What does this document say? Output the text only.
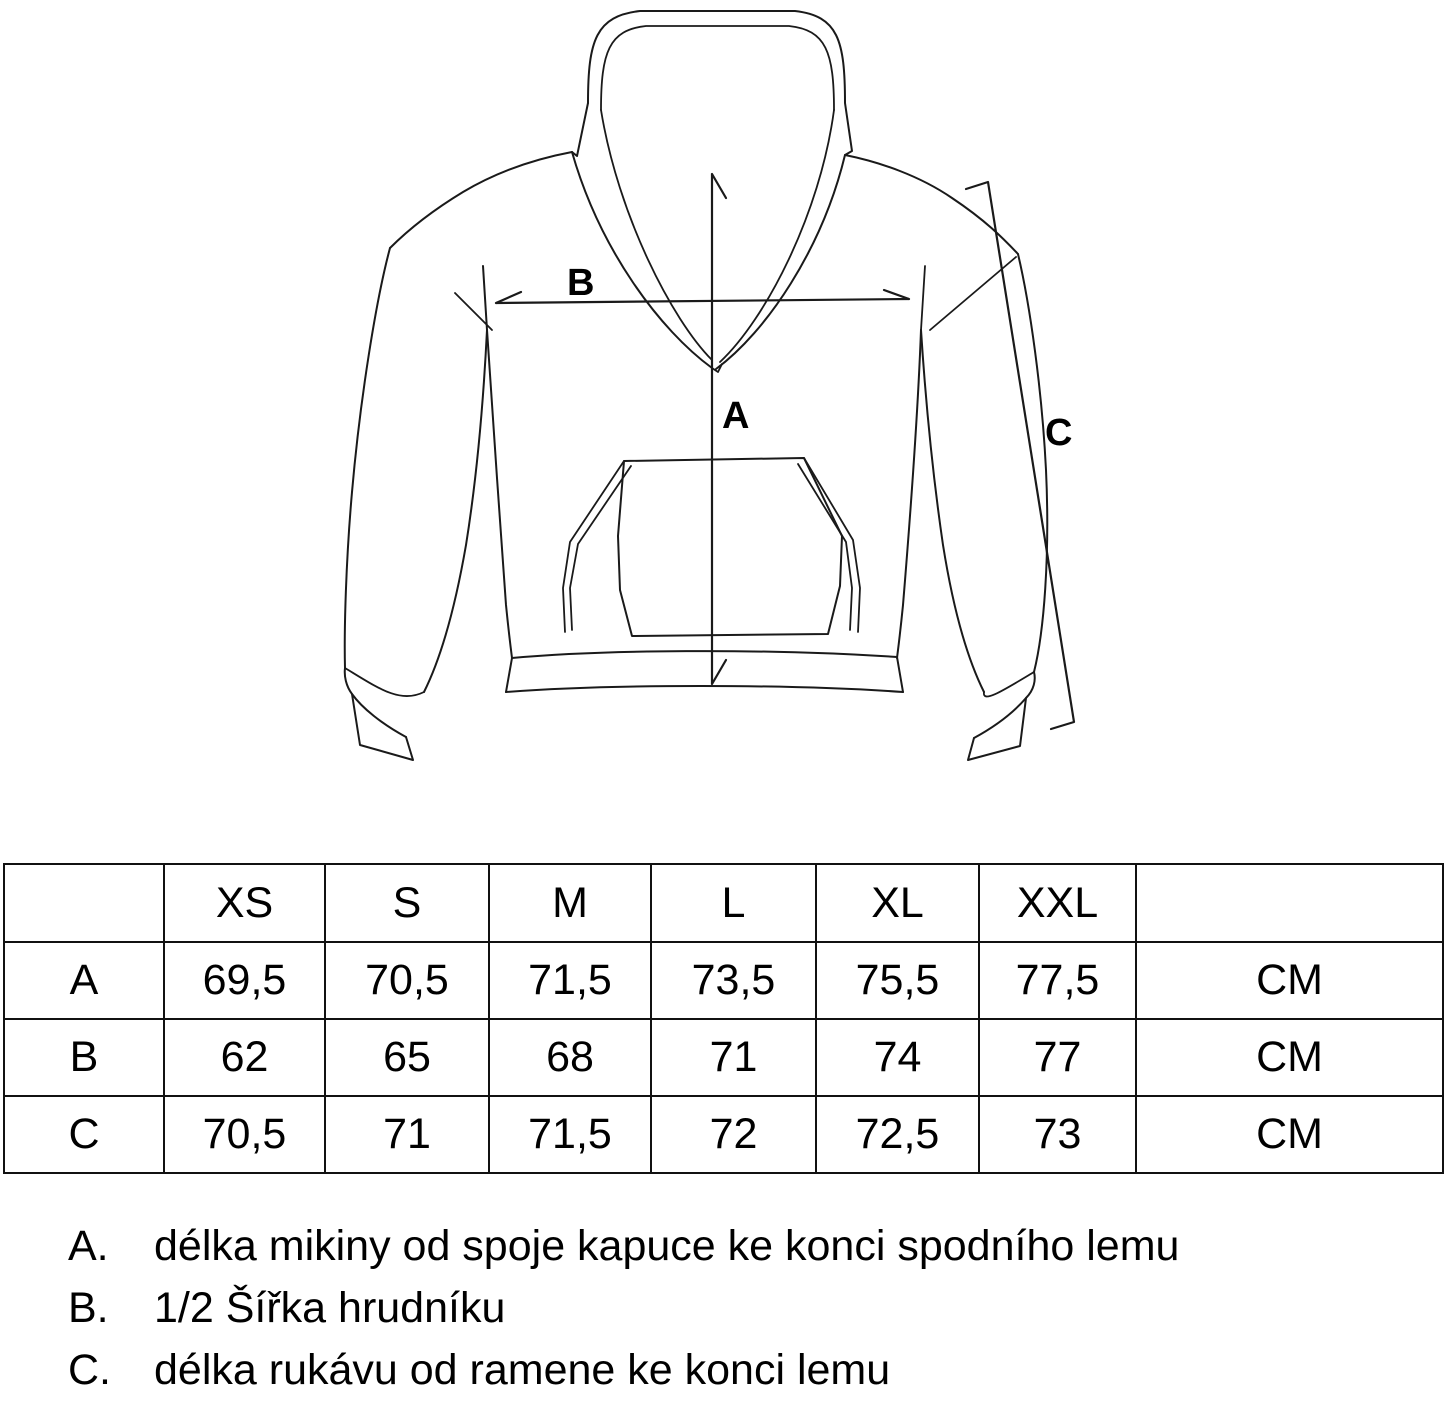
A
B
C
	XS	S	M	L	XL	XXL	
A	69,5	70,5	71,5	73,5	75,5	77,5	CM
B	62	65	68	71	74	77	CM
C	70,5	71	71,5	72	72,5	73	CM
A.	délka mikiny od spoje kapuce ke konci spodního lemu
B.	1/2 Šířka hrudníku
C.	délka rukávu od ramene ke konci lemu
